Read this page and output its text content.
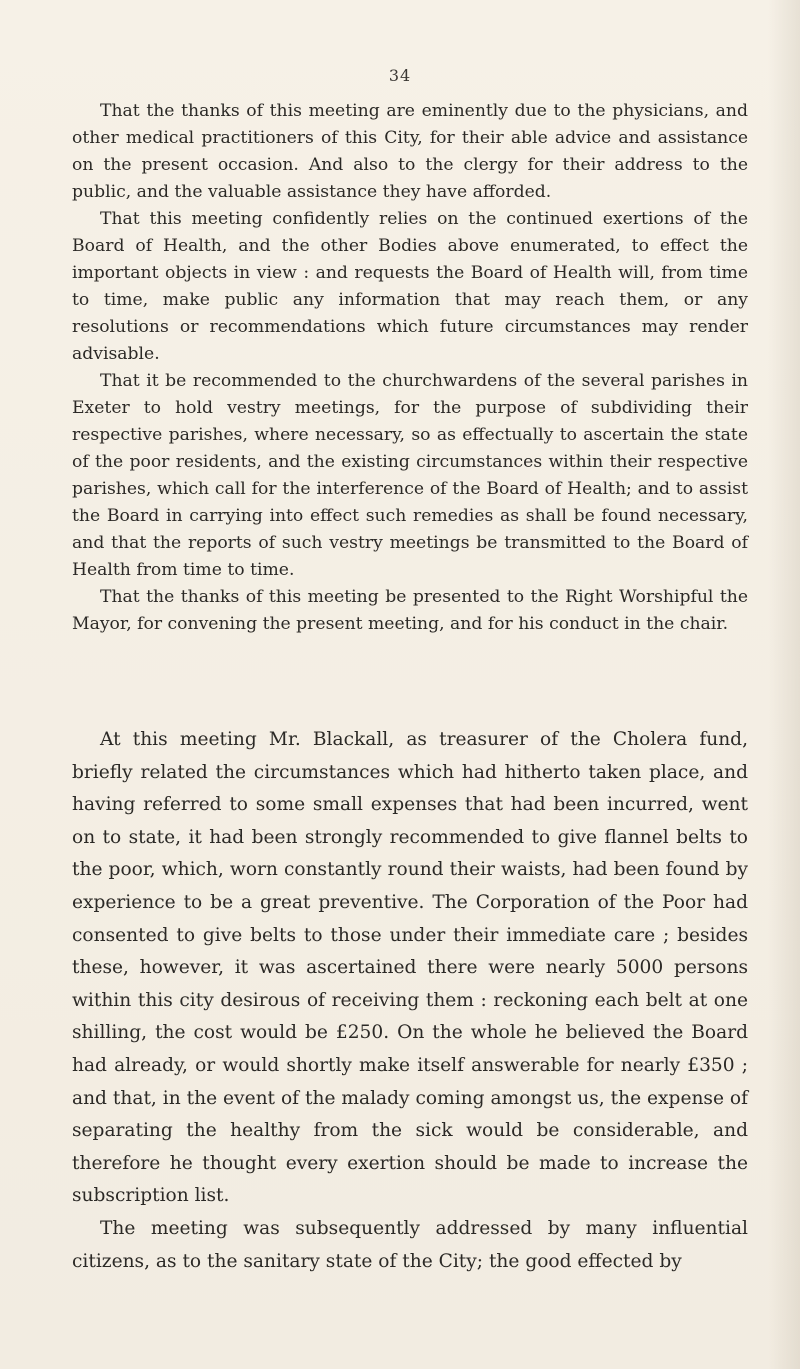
34

That the thanks of this meeting are eminently due to the physicians, and other medical practitioners of this City, for their able advice and assistance on the present occasion. And also to the clergy for their address to the public, and the valuable assistance they have afforded.

That this meeting confidently relies on the continued exertions of the Board of Health, and the other Bodies above enumerated, to effect the important objects in view : and requests the Board of Health will, from time to time, make public any information that may reach them, or any resolutions or recommendations which future circumstances may render advisable.

That it be recommended to the churchwardens of the several parishes in Exeter to hold vestry meetings, for the purpose of subdividing their respective parishes, where necessary, so as effectually to ascertain the state of the poor residents, and the existing circumstances within their respective parishes, which call for the interference of the Board of Health; and to assist the Board in carrying into effect such remedies as shall be found necessary, and that the reports of such vestry meetings be transmitted to the Board of Health from time to time.

That the thanks of this meeting be presented to the Right Worshipful the Mayor, for convening the present meeting, and for his conduct in the chair.

At this meeting Mr. Blackall, as treasurer of the Cholera fund, briefly related the circumstances which had hitherto taken place, and having referred to some small expenses that had been incurred, went on to state, it had been strongly recommended to give flannel belts to the poor, which, worn constantly round their waists, had been found by experience to be a great preventive. The Corporation of the Poor had consented to give belts to those under their immediate care ; besides these, however, it was ascertained there were nearly 5000 persons within this city desirous of receiving them : reckoning each belt at one shilling, the cost would be £250. On the whole he believed the Board had already, or would shortly make itself answerable for nearly £350 ; and that, in the event of the malady coming amongst us, the expense of separating the healthy from the sick would be considerable, and therefore he thought every exertion should be made to increase the subscription list.

The meeting was subsequently addressed by many influential citizens, as to the sanitary state of the City; the good effected by
